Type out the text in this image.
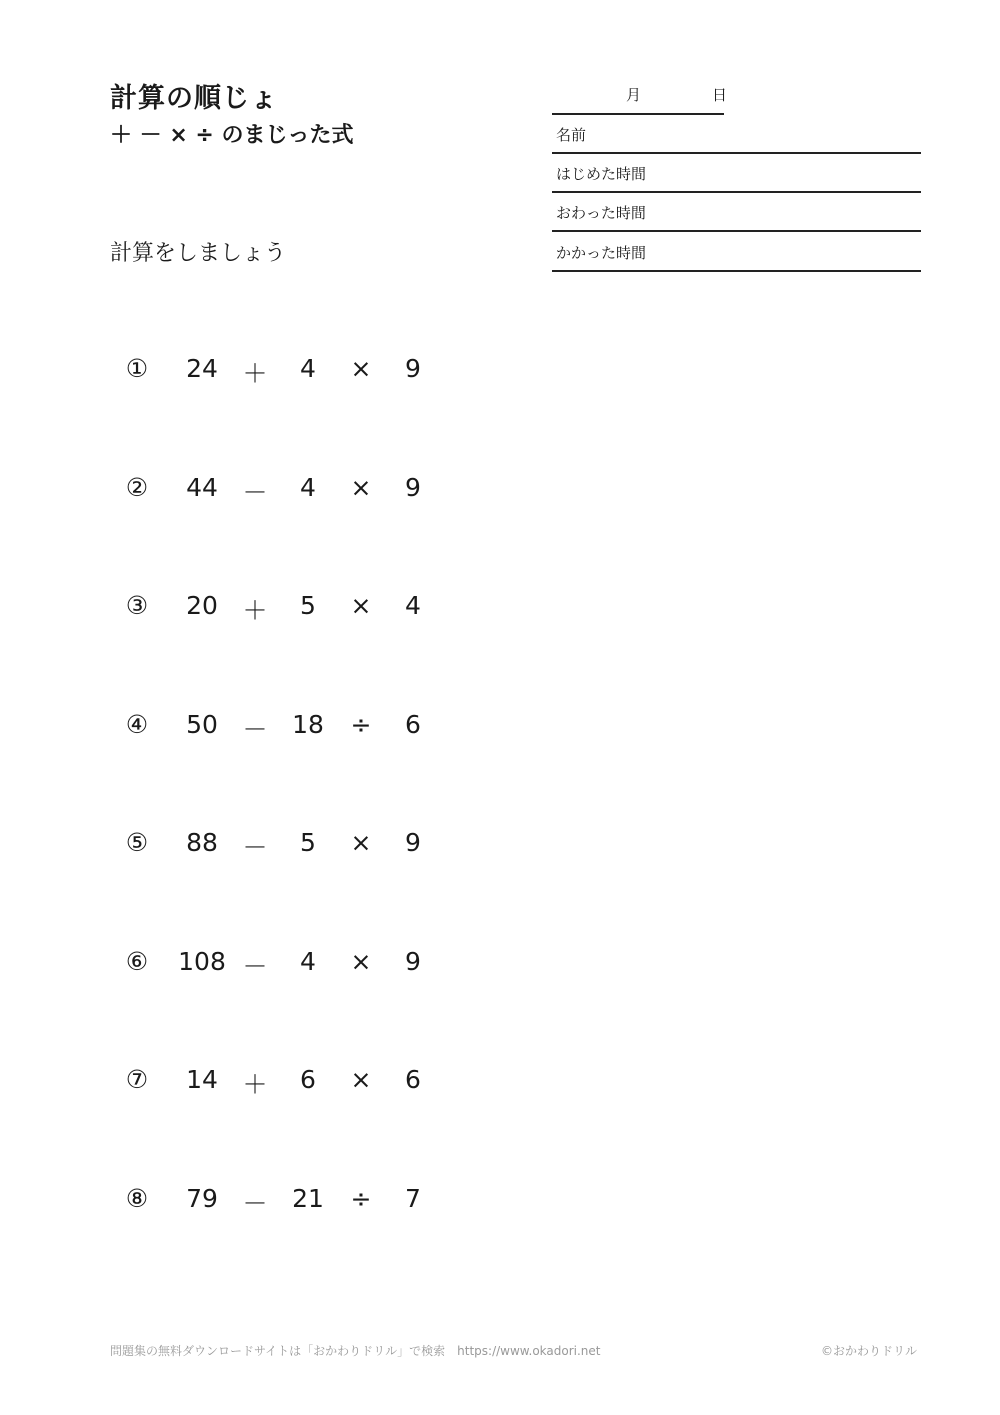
計算の順じょ
＋ － × ÷ のまじった式
計算をしましょう
月	日
名前
はじめた時間
おわった時間
かかった時間
①	24 ＋	4	×	9
②	44 －	4	×	9
③	20 ＋	5	×	4
④	50 － 18	÷	6
⑤	88 －	5	×	9
⑥	108 －	4	×	9
⑦	14 ＋	6	×	6
⑧	79 － 21	÷	7
問題集の無料ダウンロードサイトは「おかわりドリル」で検索　https://www.okadori.net	©おかわりドリル
